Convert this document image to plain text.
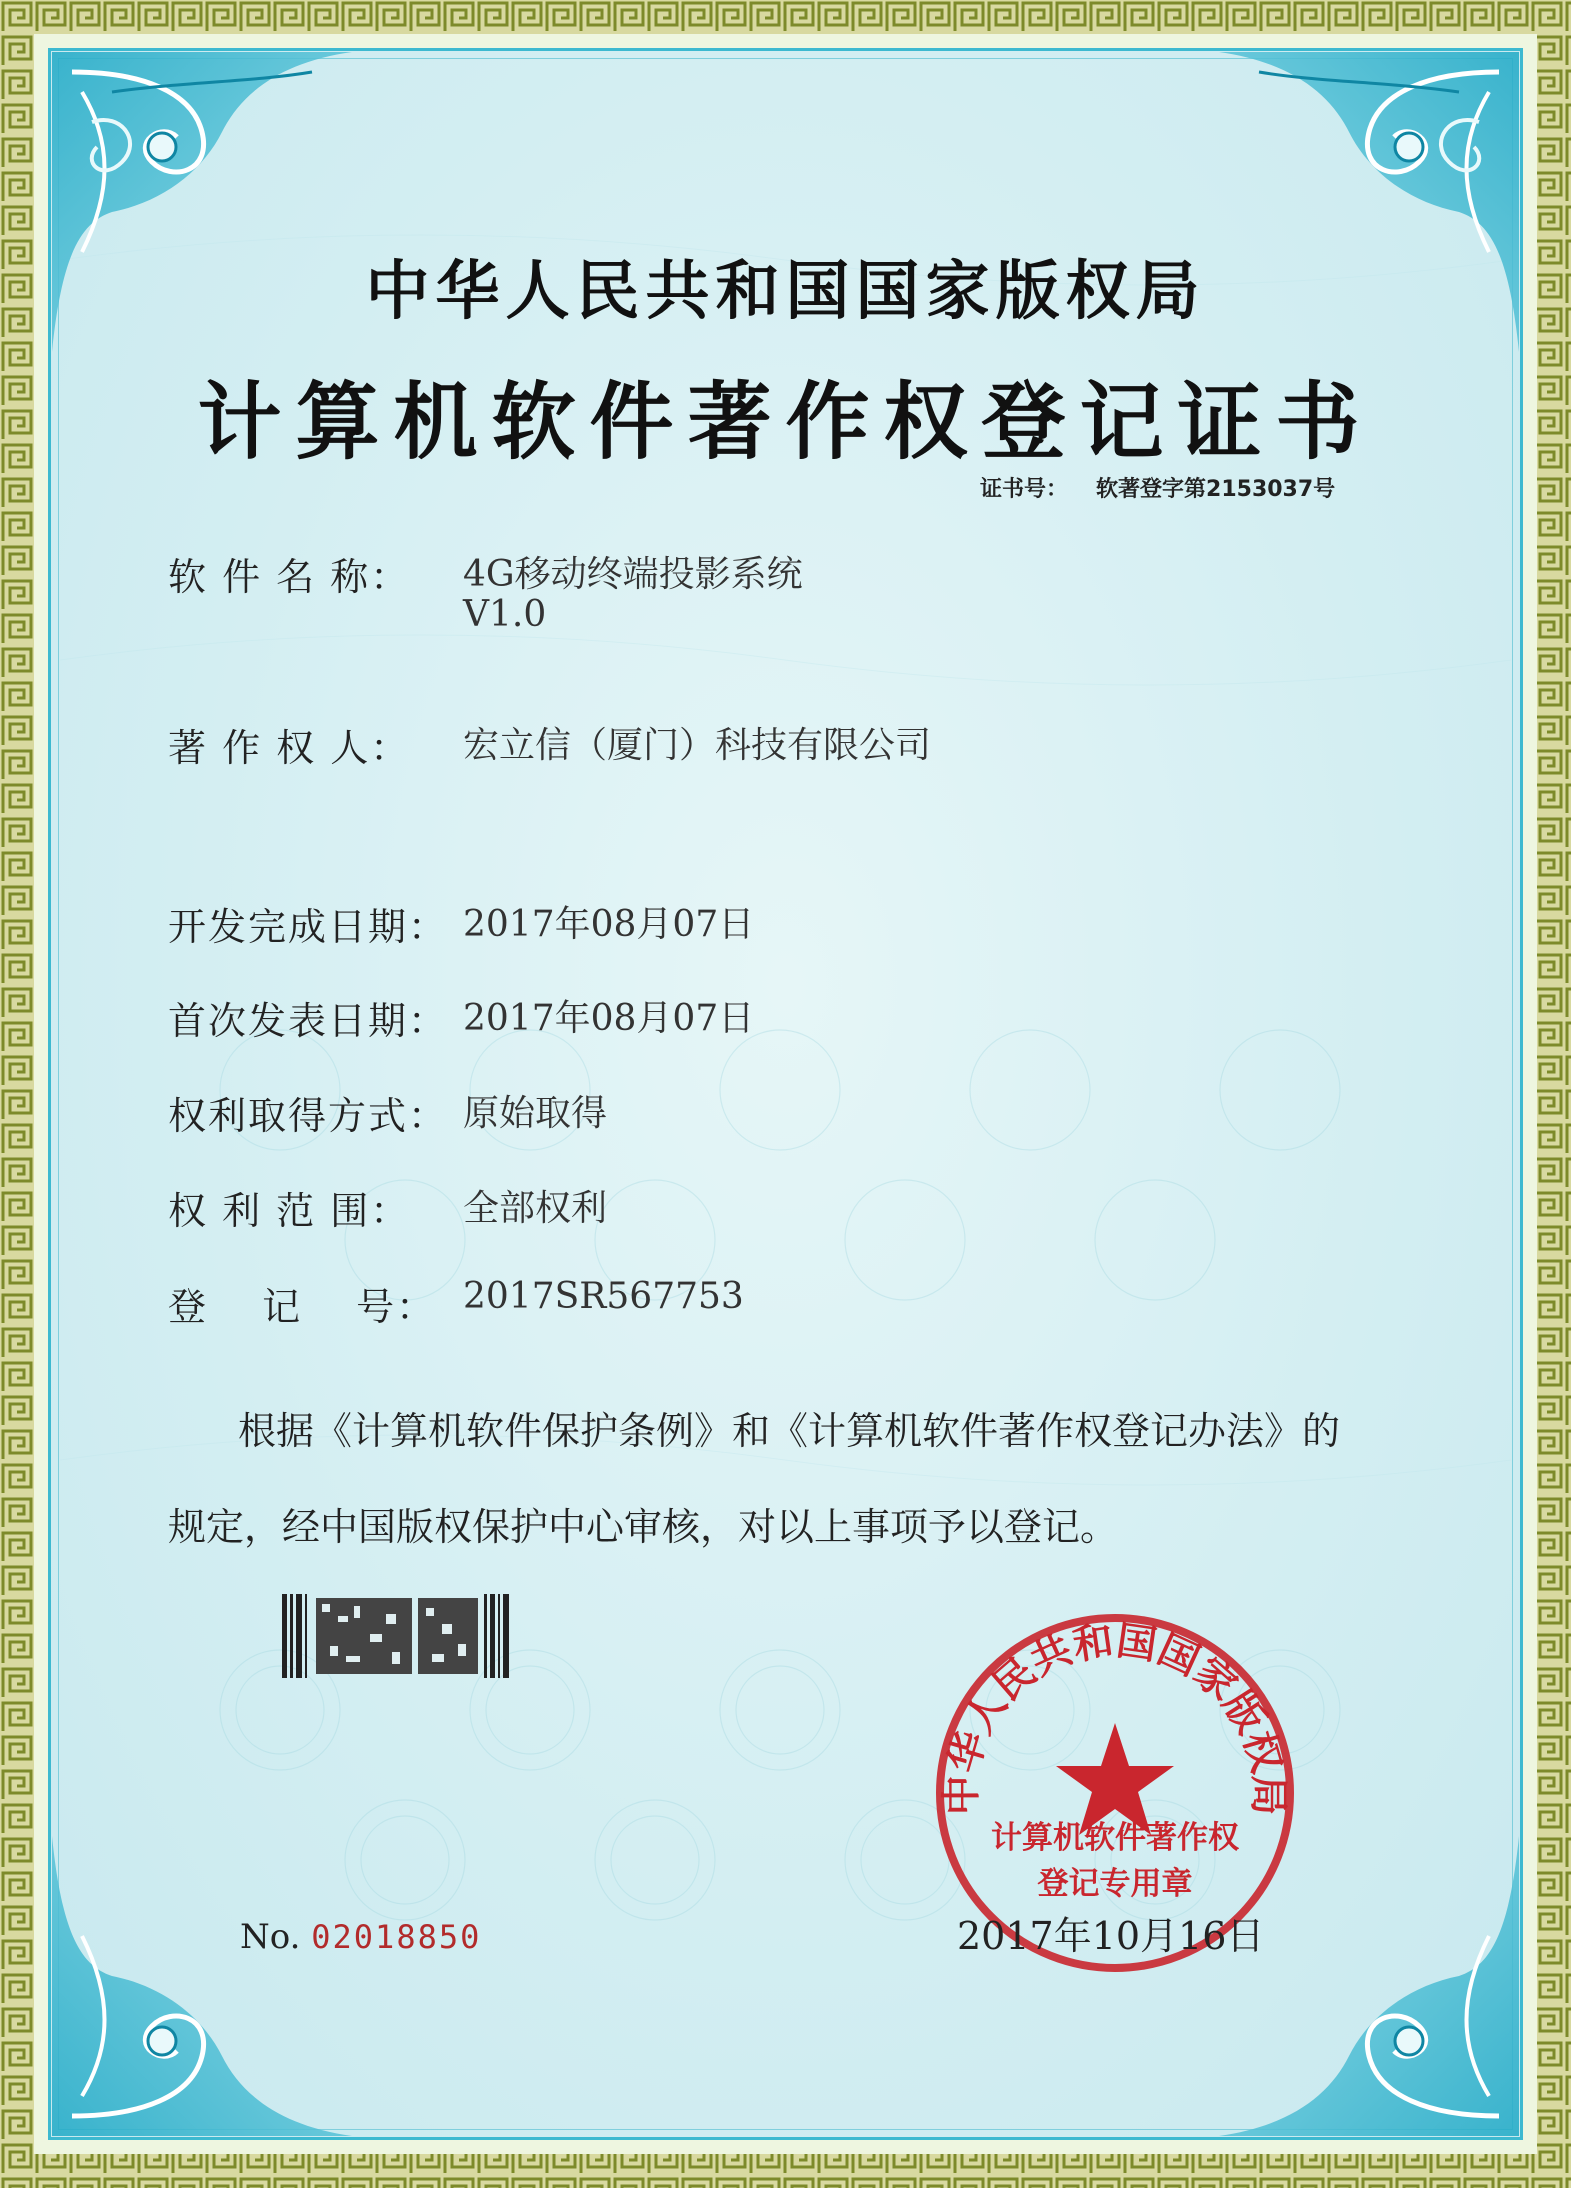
中华人民共和国国家版权局
计算机软件著作权登记证书
证书号： 软著登字第2153037号
软 件 名 称： 4G移动终端投影系统
V1.0
著 作 权 人： 宏立信（厦门）科技有限公司
开发完成日期： 2017年08月07日
首次发表日期： 2017年08月07日
权利取得方式： 原始取得
权 利 范 围： 全部权利
登　 记　 号： 2017SR567753
根据《计算机软件保护条例》和《计算机软件著作权登记办法》的
规定，经中国版权保护中心审核，对以上事项予以登记。
中华人民共和国国家版权局
计算机软件著作权
登记专用章
No. 02018850	2017年10月16日
